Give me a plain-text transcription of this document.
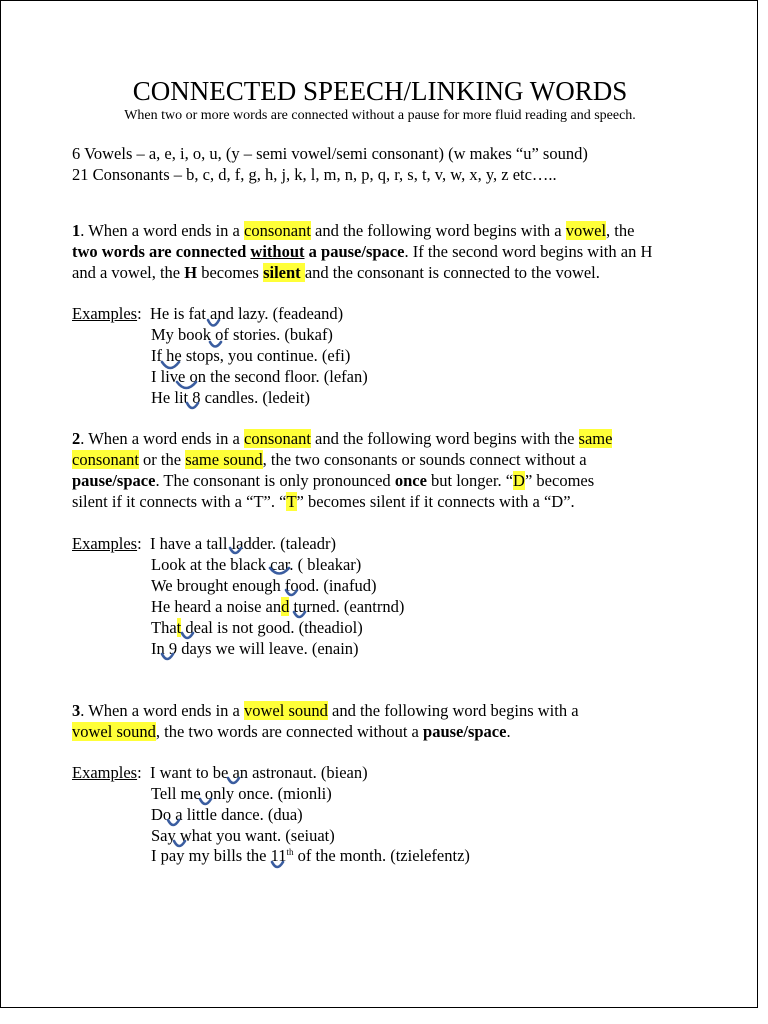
CONNECTED SPEECH/LINKING WORDS
When two or more words are connected without a pause for more fluid reading and speech.
6 Vowels – a, e, i, o, u, (y – semi vowel/semi consonant) (w makes “u” sound)
21 Consonants – b, c, d, f, g, h, j, k, l, m, n, p, q, r, s, t, v, w, x, y, z etc…..
1. When a word ends in a consonant and the following word begins with a vowel, the
two words are connected without a pause/space. If the second word begins with an H
and a vowel, the H becomes silent and the consonant is connected to the vowel.
Examples: He is fat and lazy. (feadeand)
My book of stories. (bukaf)
If he stops, you continue. (efi)
I live on the second floor. (lefan)
He lit 8 candles. (ledeit)
2. When a word ends in a consonant and the following word begins with the same
consonant or the same sound, the two consonants or sounds connect without a
pause/space. The consonant is only pronounced once but longer. “D” becomes
silent if it connects with a “T”. “T” becomes silent if it connects with a “D”.
Examples: I have a tall ladder. (taleadr)
Look at the black car. ( bleakar)
We brought enough food. (inafud)
He heard a noise and turned. (eantrnd)
That deal is not good. (theadiol)
In 9 days we will leave. (enain)
3. When a word ends in a vowel sound and the following word begins with a
vowel sound, the two words are connected without a pause/space.
Examples: I want to be an astronaut. (biean)
Tell me only once. (mionli)
Do a little dance. (dua)
Say what you want. (seiuat)
I pay my bills the 11th of the month. (tzielefentz)
